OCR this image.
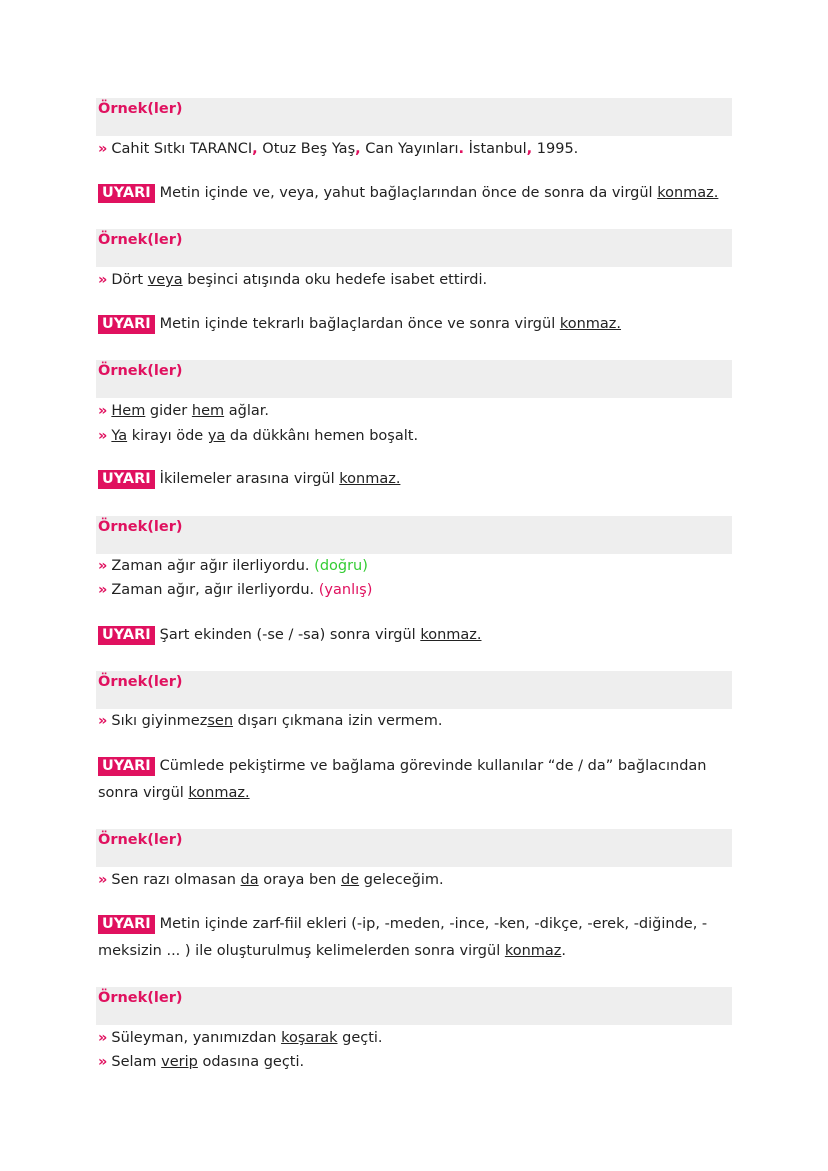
Örnek(ler)
» Cahit Sıtkı TARANCI, Otuz Beş Yaş, Can Yayınları. İstanbul, 1995.
UYARI Metin içinde ve, veya, yahut bağlaçlarından önce de sonra da virgül konmaz.
Örnek(ler)
» Dört veya beşinci atışında oku hedefe isabet ettirdi.
UYARI Metin içinde tekrarlı bağlaçlardan önce ve sonra virgül konmaz.
Örnek(ler)
» Hem gider hem ağlar.
» Ya kirayı öde ya da dükkânı hemen boşalt.
UYARI İkilemeler arasına virgül konmaz.
Örnek(ler)
» Zaman ağır ağır ilerliyordu. (doğru)
» Zaman ağır, ağır ilerliyordu. (yanlış)
UYARI Şart ekinden (-se / -sa) sonra virgül konmaz.
Örnek(ler)
» Sıkı giyinmezsen dışarı çıkmana izin vermem.
UYARI Cümlede pekiştirme ve bağlama görevinde kullanılar “de / da” bağlacından
sonra virgül konmaz.
Örnek(ler)
» Sen razı olmasan da oraya ben de geleceğim.
UYARI Metin içinde zarf-fiil ekleri (-ip, -meden, -ince, -ken, -dikçe, -erek, -diğinde, -
meksizin ... ) ile oluşturulmuş kelimelerden sonra virgül konmaz.
Örnek(ler)
» Süleyman, yanımızdan koşarak geçti.
» Selam verip odasına geçti.
